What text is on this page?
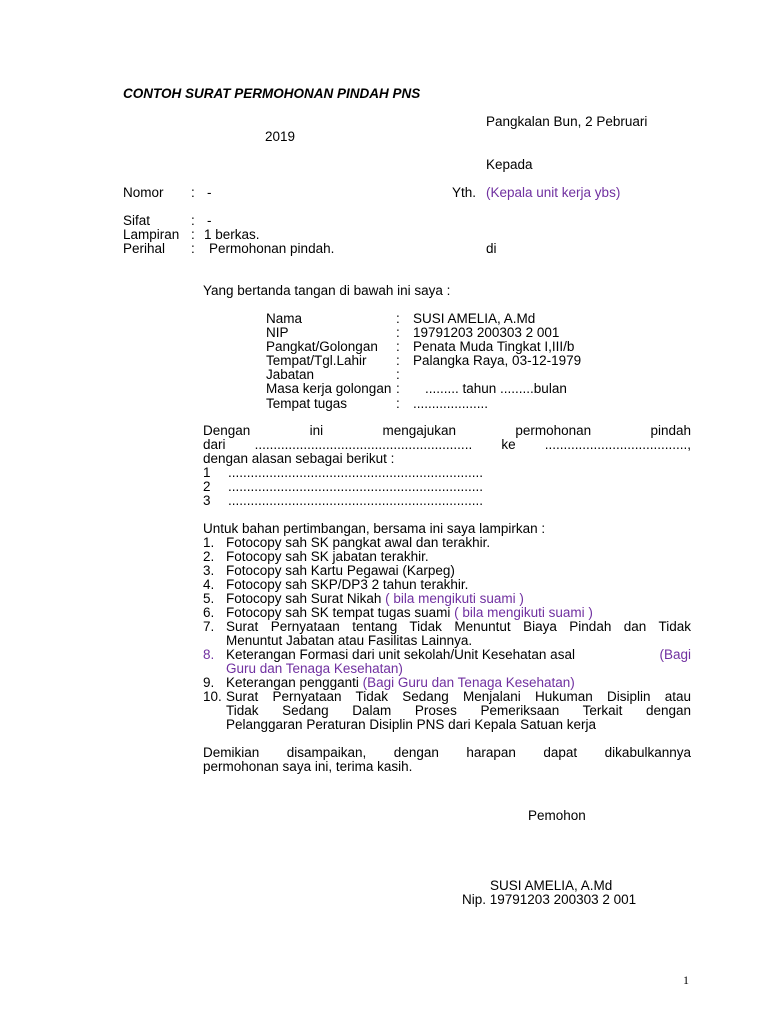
CONTOH SURAT PERMOHONAN PINDAH PNS
Pangkalan Bun, 2 Pebruari
2019
Kepada
Nomor : -	Yth. (Kepala unit kerja ybs)
Sifat	: -
Lampiran : 1 berkas.
Perihal : Permohonan pindah.	di
Yang bertanda tangan di bawah ini saya :
Nama	: SUSI AMELIA, A.Md
NIP	: 19791203 200303 2 001
Pangkat/Golongan : Penata Muda Tingkat I,III/b
Tempat/Tgl.Lahir : Palangka Raya, 03-12-1979
Jabatan	:
Masa kerja golongan : ......... tahun .........bulan
Tempat tugas	: ....................
Dengan ini mengajukan permohonan pindah
dari .......................................................... ke ......................................,
dengan alasan sebagai berikut :
1 ....................................................................
2 ....................................................................
3 ....................................................................
Untuk bahan pertimbangan, bersama ini saya lampirkan :
1. Fotocopy sah SK pangkat awal dan terakhir.
2. Fotocopy sah SK jabatan terakhir.
3. Fotocopy sah Kartu Pegawai (Karpeg)
4. Fotocopy sah SKP/DP3 2 tahun terakhir.
5. Fotocopy sah Surat Nikah ( bila mengikuti suami )
6. Fotocopy sah SK tempat tugas suami ( bila mengikuti suami )
7. Surat Pernyataan tentang Tidak Menuntut Biaya Pindah dan Tidak
Menuntut Jabatan atau Fasilitas Lainnya.
8. Keterangan Formasi dari unit sekolah/Unit Kesehatan asal	(Bagi
Guru dan Tenaga Kesehatan)
9. Keterangan pengganti (Bagi Guru dan Tenaga Kesehatan)
10. Surat Pernyataan Tidak Sedang Menjalani Hukuman Disiplin atau
Tidak Sedang Dalam Proses Pemeriksaan Terkait dengan
Pelanggaran Peraturan Disiplin PNS dari Kepala Satuan kerja
Demikian disampaikan, dengan harapan dapat dikabulkannya
permohonan saya ini, terima kasih.
Pemohon
SUSI AMELIA, A.Md
Nip. 19791203 200303 2 001
1
